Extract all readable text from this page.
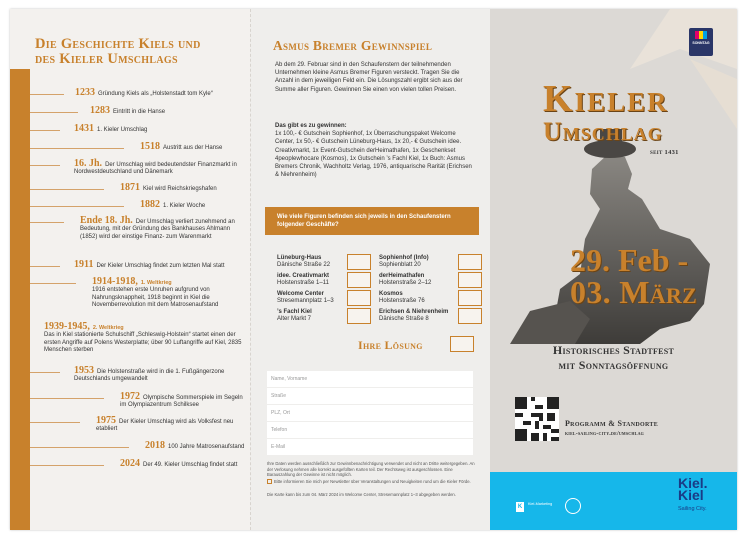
Die Geschichte Kiels und
des Kieler Umschlags
1233 Gründung Kiels als „Holstenstadt tom Kyle“
1283 Eintritt in die Hanse
1431 1. Kieler Umschlag
1518 Austritt aus der Hanse
16. Jh. Der Umschlag wird bedeutendster Finanzmarkt in Nordwestdeutschland und Dänemark
1871 Kiel wird Reichskriegshafen
1882 1. Kieler Woche
Ende 18. Jh. Der Umschlag verliert zunehmend an Bedeutung, mit der Gründung des Bankhauses Ahlmann (1852) wird der einstige Finanz- zum Warenmarkt
1911 Der Kieler Umschlag findet zum letzten Mal statt
1914-1918, 1. Weltkrieg
1916 entstehen erste Unruhen aufgrund von Nahrungsknappheit, 1918 beginnt in Kiel die Novemberrevolution mit dem Matrosenaufstand
1939-1945, 2. Weltkrieg
Das in Kiel stationierte Schulschiff „Schleswig-Holstein“ startet einen der ersten Angriffe auf Polens Westerplatte; über 90 Luftangriffe auf Kiel, 2835 Menschen sterben
1953 Die Holstenstraße wird in die 1. Fußgängerzone Deutschlands umgewandelt
1972 Olympische Sommerspiele im Segeln im Olympiazentrum Schilksee
1975 Der Kieler Umschlag wird als Volksfest neu etabliert
2018 100 Jahre Matrosenaufstand
2024 Der 49. Kieler Umschlag findet statt
Asmus Bremer Gewinnspiel
Ab dem 29. Februar sind in den Schaufenstern der teilnehmenden Unternehmen kleine Asmus Bremer Figuren versteckt. Tragen Sie die Anzahl in dem jeweiligen Feld ein. Die Lösungszahl ergibt sich aus der Summe aller Figuren. Gewinnen Sie einen von vielen tollen Preisen.
Das gibt es zu gewinnen:
1x 100,- € Gutschein Sophienhof, 1x Überraschungspaket Welcome Center, 1x 50,- € Gutschein Lüneburg-Haus, 1x 20,- € Gutschein idee. Creativmarkt, 1x Event-Gutschein derHeimathafen, 1x Geschenkset 4peoplewhocare (Kosmos), 1x Gutschein ’s Fachl Kiel, 1x Buch: Asmus Bremers Chronik, Wachholtz Verlag, 1976, antiquarische Rarität (Erichsen & Niehrenheim)
Wie viele Figuren befinden sich jeweils in den Schaufenstern folgender Geschäfte?
Lüneburg-Haus
Dänische Straße 22
Sophienhof (Info)
Sophienblatt 20
idee. Creativmarkt
Holstenstraße 1–11
derHeimathafen
Holstenstraße 2–12
Welcome Center
Stresemannplatz 1–3
Kosmos
Holstenstraße 76
’s Fachl Kiel
Alter Markt 7
Erichsen & Niehrenheim
Dänische Straße 8
Ihre Lösung
Name, Vorname
Straße
PLZ, Ort
Telefon
E-Mail
Ihre Daten werden ausschließlich zur Gewinnbenachrichtigung verwendet und nicht an Dritte weitergegeben. An der Verlosung nehmen alle korrekt ausgefüllten Karten teil. Der Rechtsweg ist ausgeschlossen. Eine Barauszahlung der Gewinne ist nicht möglich.
Bitte informieren Sie mich per Newsletter über Veranstaltungen und Neuigkeiten rund um die Kieler Förde.
Die Karte kann bis zum 04. März 2024 im Welcome Center, Stresemannplatz 1–3 abgegeben werden.
SONNTAG
Kieler
Umschlag
seit 1431
29. Feb -
03. März
Historisches Stadtfest
mit Sonntagsöffnung
Programm & Standorte
kiel-sailing-city.de/umschlag
K	Kiel-Marketing
Kiel.
Kiel
Sailing City.
